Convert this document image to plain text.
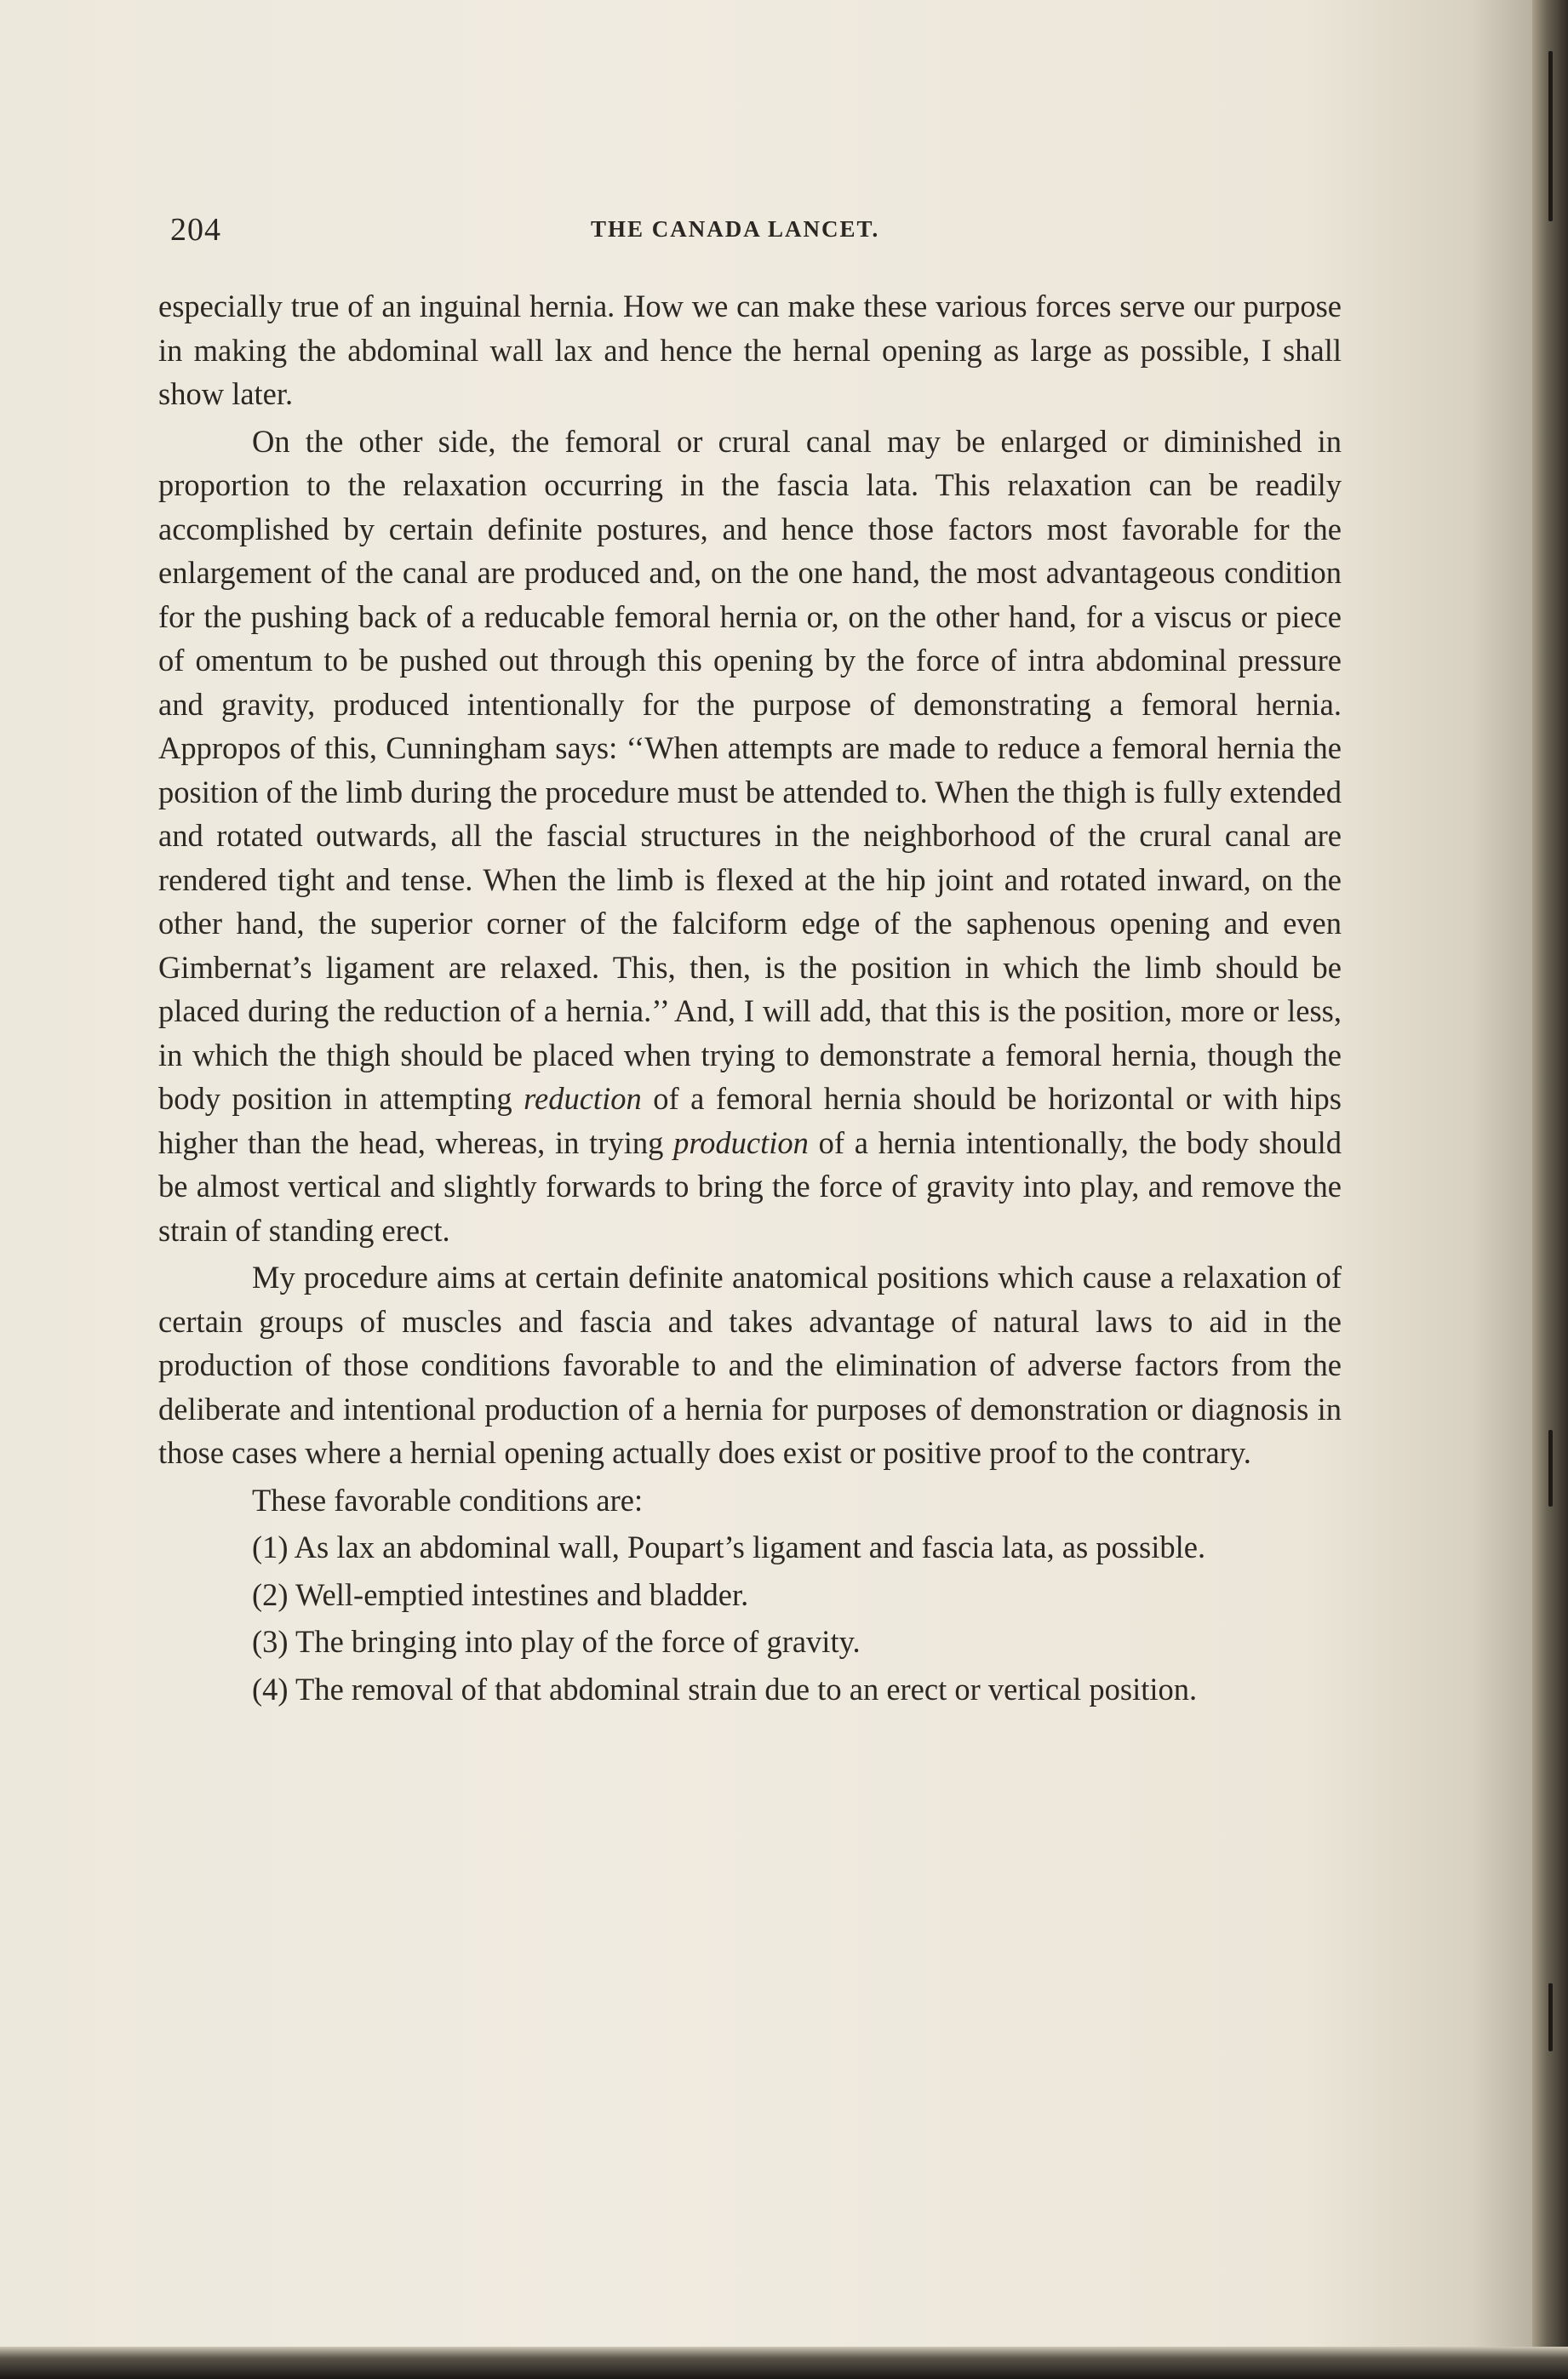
204	THE CANADA LANCET.

especially true of an inguinal hernia. How we can make these various forces serve our purpose in making the abdominal wall lax and hence the hernal opening as large as possible, I shall show later.

On the other side, the femoral or crural canal may be enlarged or diminished in proportion to the relaxation occurring in the fascia lata. This relaxation can be readily accomplished by certain definite postures, and hence those factors most favorable for the enlargement of the canal are produced and, on the one hand, the most advantageous condition for the pushing back of a reducable femoral hernia or, on the other hand, for a viscus or piece of omentum to be pushed out through this opening by the force of intra abdominal pressure and gravity, produced intentionally for the purpose of demonstrating a femoral hernia. Appropos of this, Cunningham says: ‘‘When attempts are made to reduce a femoral hernia the position of the limb during the procedure must be attended to. When the thigh is fully extended and rotated outwards, all the fascial structures in the neighborhood of the crural canal are rendered tight and tense. When the limb is flexed at the hip joint and rotated inward, on the other hand, the superior corner of the falciform edge of the saphenous opening and even Gimbernat’s ligament are relaxed. This, then, is the position in which the limb should be placed during the reduction of a hernia.’’ And, I will add, that this is the position, more or less, in which the thigh should be placed when trying to demonstrate a femoral hernia, though the body position in attempting reduction of a femoral hernia should be horizontal or with hips higher than the head, whereas, in trying production of a hernia intentionally, the body should be almost vertical and slightly forwards to bring the force of gravity into play, and remove the strain of standing erect.

My procedure aims at certain definite anatomical positions which cause a relaxation of certain groups of muscles and fascia and takes advantage of natural laws to aid in the production of those conditions favorable to and the elimination of adverse factors from the deliberate and intentional production of a hernia for purposes of demonstration or diagnosis in those cases where a hernial opening actually does exist or positive proof to the contrary.

These favorable conditions are:

(1) As lax an abdominal wall, Poupart’s ligament and fascia lata, as possible.

(2) Well-emptied intestines and bladder.

(3) The bringing into play of the force of gravity.

(4) The removal of that abdominal strain due to an erect or vertical position.
